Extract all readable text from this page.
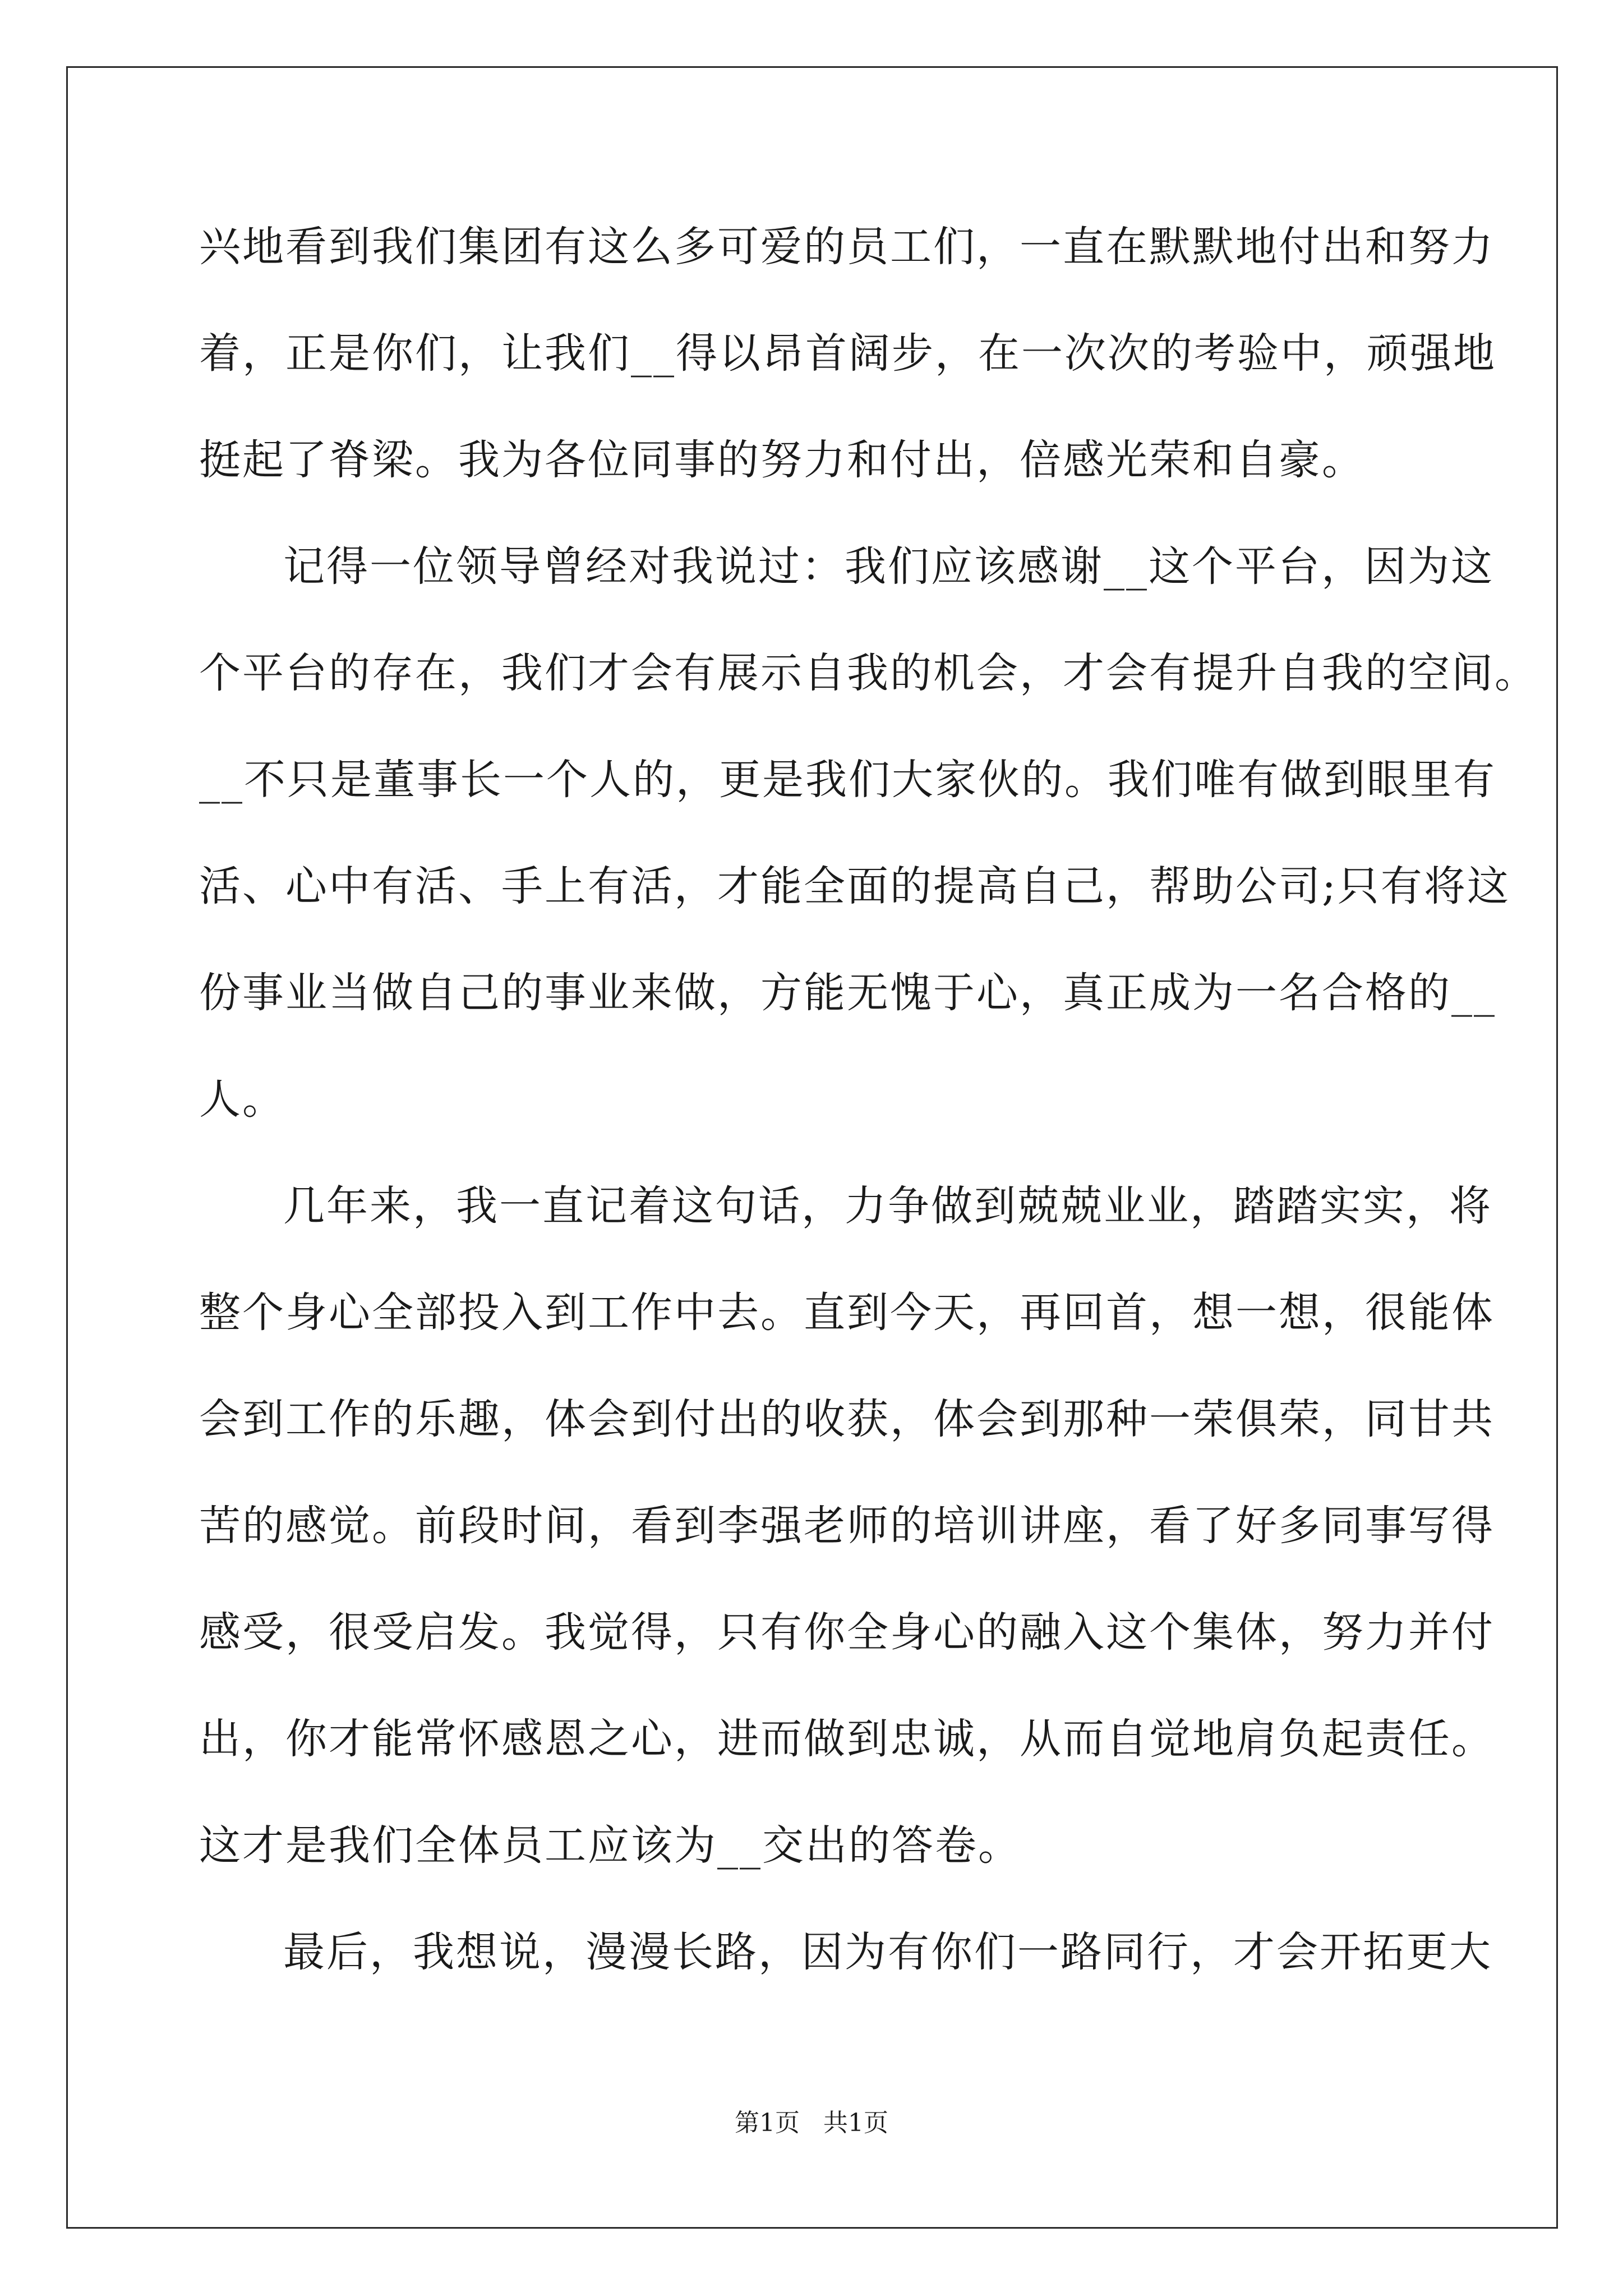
兴地看到我们集团有这么多可爱的员工们，一直在默默地付出和努力
着，正是你们，让我们__得以昂首阔步，在一次次的考验中，顽强地
挺起了脊梁。我为各位同事的努力和付出，倍感光荣和自豪。
记得一位领导曾经对我说过：我们应该感谢__这个平台，因为这
个平台的存在，我们才会有展示自我的机会，才会有提升自我的空间。
__不只是董事长一个人的，更是我们大家伙的。我们唯有做到眼里有
活、心中有活、手上有活，才能全面的提高自己，帮助公司;只有将这
份事业当做自己的事业来做，方能无愧于心，真正成为一名合格的__
人。
几年来，我一直记着这句话，力争做到兢兢业业，踏踏实实，将
整个身心全部投入到工作中去。直到今天，再回首，想一想，很能体
会到工作的乐趣，体会到付出的收获，体会到那种一荣俱荣，同甘共
苦的感觉。前段时间，看到李强老师的培训讲座，看了好多同事写得
感受，很受启发。我觉得，只有你全身心的融入这个集体，努力并付
出，你才能常怀感恩之心，进而做到忠诚，从而自觉地肩负起责任。
这才是我们全体员工应该为__交出的答卷。
最后，我想说，漫漫长路，因为有你们一路同行，才会开拓更大
第1页   共1页
